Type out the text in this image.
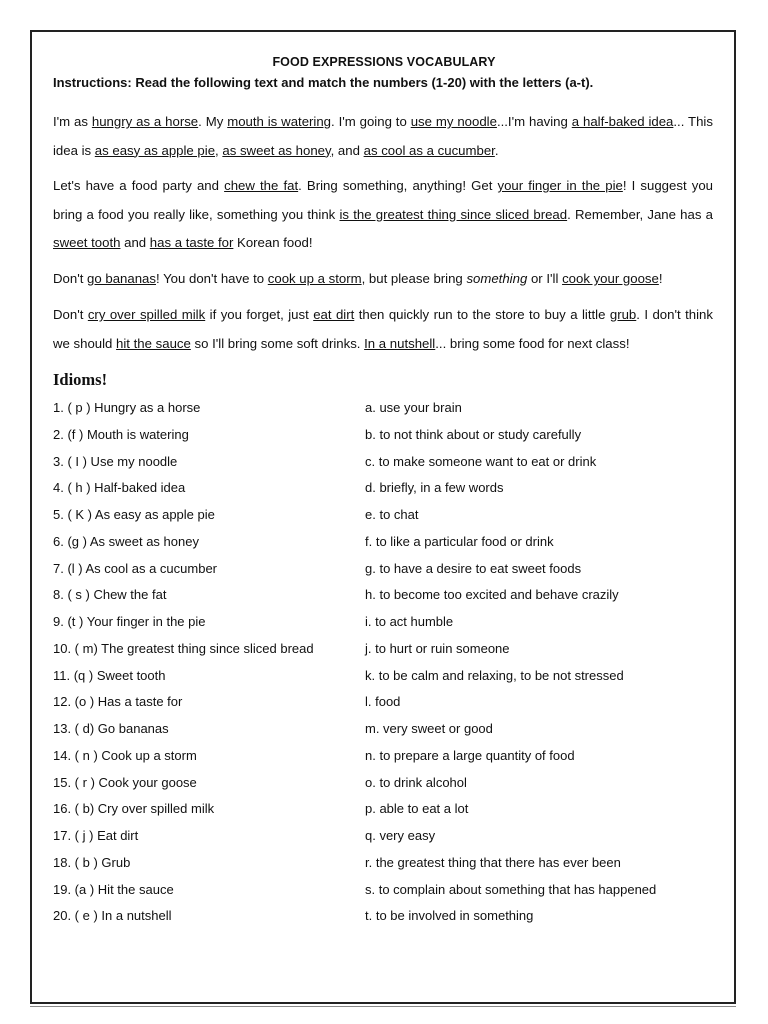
FOOD EXPRESSIONS VOCABULARY
Instructions: Read the following text and match the numbers (1-20) with the letters (a-t).
I'm as hungry as a horse. My mouth is watering. I'm going to use my noodle...I'm having a half-baked idea... This idea is as easy as apple pie, as sweet as honey, and as cool as a cucumber.
Let's have a food party and chew the fat. Bring something, anything! Get your finger in the pie! I suggest you bring a food you really like, something you think is the greatest thing since sliced bread. Remember, Jane has a sweet tooth and has a taste for Korean food!
Don't go bananas! You don't have to cook up a storm, but please bring something or I'll cook your goose!
Don't cry over spilled milk if you forget, just eat dirt then quickly run to the store to buy a little grub. I don't think we should hit the sauce so I'll bring some soft drinks. In a nutshell... bring some food for next class!
Idioms!
1. ( p ) Hungry as a horse
2. (f ) Mouth is watering
3. ( I ) Use my noodle
4. ( h ) Half-baked idea
5. ( K ) As easy as apple pie
6. (g ) As sweet as honey
7. (l ) As cool as a cucumber
8. ( s ) Chew the fat
9. (t ) Your finger in the pie
10. ( m) The greatest thing since sliced bread
11. (q ) Sweet tooth
12. (o ) Has a taste for
13. ( d) Go bananas
14. ( n ) Cook up a storm
15. ( r ) Cook your goose
16. ( b) Cry over spilled milk
17. ( j ) Eat dirt
18. ( b ) Grub
19. (a ) Hit the sauce
20. ( e ) In a nutshell
a. use your brain
b. to not think about or study carefully
c. to make someone want to eat or drink
d. briefly, in a few words
e. to chat
f. to like a particular food or drink
g. to have a desire to eat sweet foods
h. to become too excited and behave crazily
i. to act humble
j. to hurt or ruin someone
k. to be calm and relaxing, to be not stressed
l. food
m. very sweet or good
n. to prepare a large quantity of food
o. to drink alcohol
p. able to eat a lot
q. very easy
r. the greatest thing that there has ever been
s. to complain about something that has happened
t. to be involved in something
